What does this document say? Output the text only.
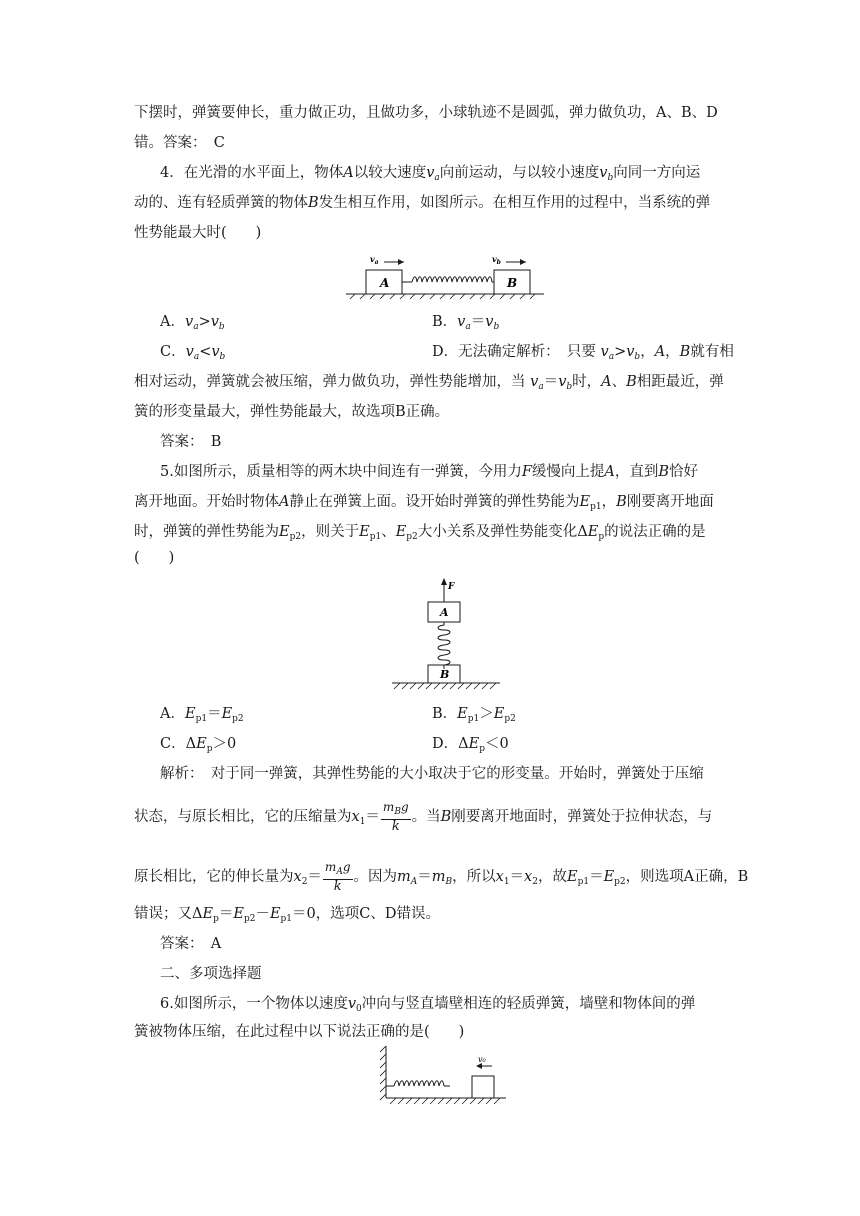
下摆时，弹簧要伸长，重力做正功，且做功多，小球轨迹不是圆弧，弹力做负功，A、B、D
错。答案：　C
4．在光滑的水平面上，物体A以较大速度$v_a$向前运动，与以较小速度$v_b$向同一方向运
动的、连有轻质弹簧的物体B发生相互作用，如图所示。在相互作用的过程中，当系统的弹
性势能最大时(　　)
$v_a$	$v_b$
A	B
A．$v_a>v_b$	B．$v_a=v_b$
C．$v_a<v_b$	D．无法确定解析：　只要 $v_a>v_b$，A，B就有相
相对运动，弹簧就会被压缩，弹力做负功，弹性势能增加，当 $v_a=v_b$时，A、B相距最近，弹
簧的形变量最大，弹性势能最大，故选项B正确。
答案：　B
5.如图所示，质量相等的两木块中间连有一弹簧，今用力F缓慢向上提A，直到B恰好
离开地面。开始时物体A静止在弹簧上面。设开始时弹簧的弹性势能为$E_{p1}$，B刚要离开地面
时，弹簧的弹性势能为$E_{p2}$，则关于$E_{p1}$、$E_{p2}$大小关系及弹性势能变化$\Delta E_p$的说法正确的是
(　　)
F
A
B
A．$E_{p1}=E_{p2}$	B．$E_{p1}>E_{p2}$
C．$\Delta E_p>0$	D．$\Delta E_p<0$
解析：　对于同一弹簧，其弹性势能的大小取决于它的形变量。开始时，弹簧处于压缩
状态，与原长相比，它的压缩量为$x_1= \frac{m_Bg}{k}$ 。当B刚要离开地面时，弹簧处于拉伸状态，与
原长相比，它的伸长量为$x_2= \frac{m_Ag}{k}$ 。因为$m_A=m_B$，所以$x_1=x_2$，故$E_{p1}=E_{p2}$，则选项A正确，B
错误；又$\Delta E_p=E_{p2}-E_{p1}=0$，选项C、D错误。
答案：　A
二、多项选择题
6.如图所示，一个物体以速度$v_0$冲向与竖直墙壁相连的轻质弹簧，墙壁和物体间的弹
簧被物体压缩，在此过程中以下说法正确的是(　　)
v₀
